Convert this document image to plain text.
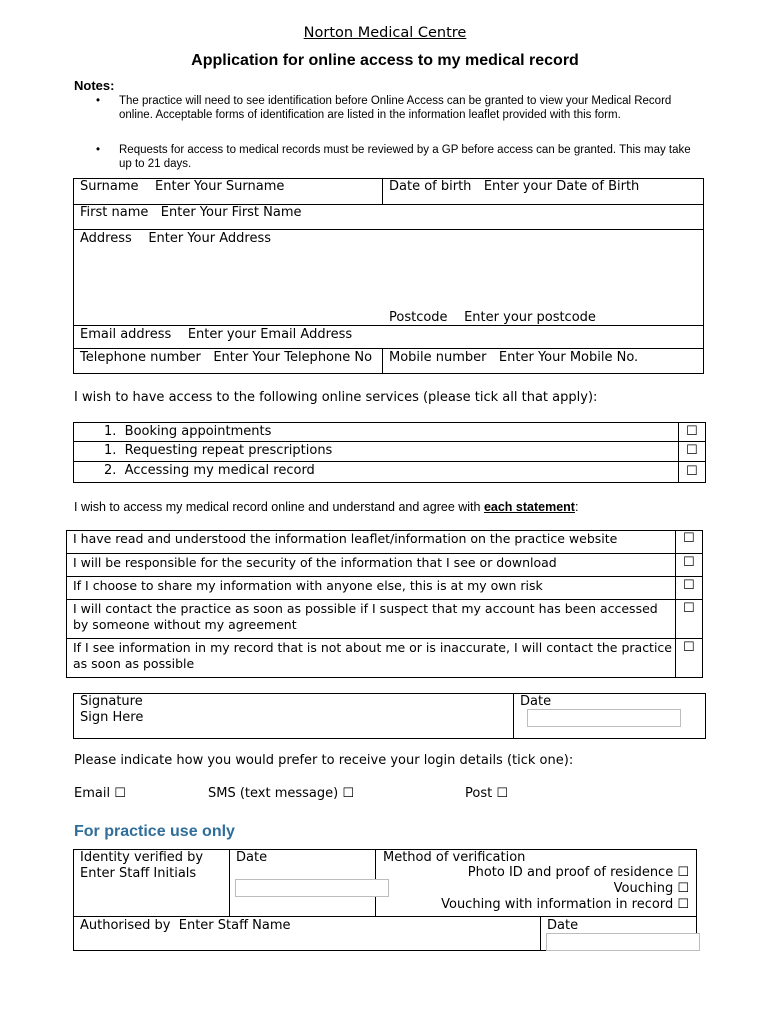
Norton Medical Centre
Application for online access to my medical record
Notes:
• The practice will need to see identification before Online Access can be granted to view your Medical Record online. Acceptable forms of identification are listed in the information leaflet provided with this form.
• Requests for access to medical records must be reviewed by a GP before access can be granted. This may take up to 21 days.
Surname Enter Your Surname	Date of birth Enter your Date of Birth
First name Enter Your First Name
Address Enter Your Address
Postcode Enter your postcode
Email address Enter your Email Address
Telephone number Enter Your Telephone No Mobile number Enter Your Mobile No.
I wish to have access to the following online services (please tick all that apply):
1. Booking appointments	☐
1. Requesting repeat prescriptions	☐
2. Accessing my medical record	☐
I wish to access my medical record online and understand and agree with each statement:
I have read and understood the information leaflet/information on the practice website	☐
I will be responsible for the security of the information that I see or download	☐
If I choose to share my information with anyone else, this is at my own risk	☐
I will contact the practice as soon as possible if I suspect that my account has been accessed by someone without my agreement
☐
If I see information in my record that is not about me or is inaccurate, I will contact the practice as soon as possible
☐
Signature
Sign Here
Date
Please indicate how you would prefer to receive your login details (tick one):
Email ☐	SMS (text message) ☐	Post ☐
For practice use only
Identity verified by
Enter Staff Initials
Date	Method of verification
Photo ID and proof of residence ☐
Vouching ☐
Vouching with information in record ☐
Authorised by Enter Staff Name	Date
